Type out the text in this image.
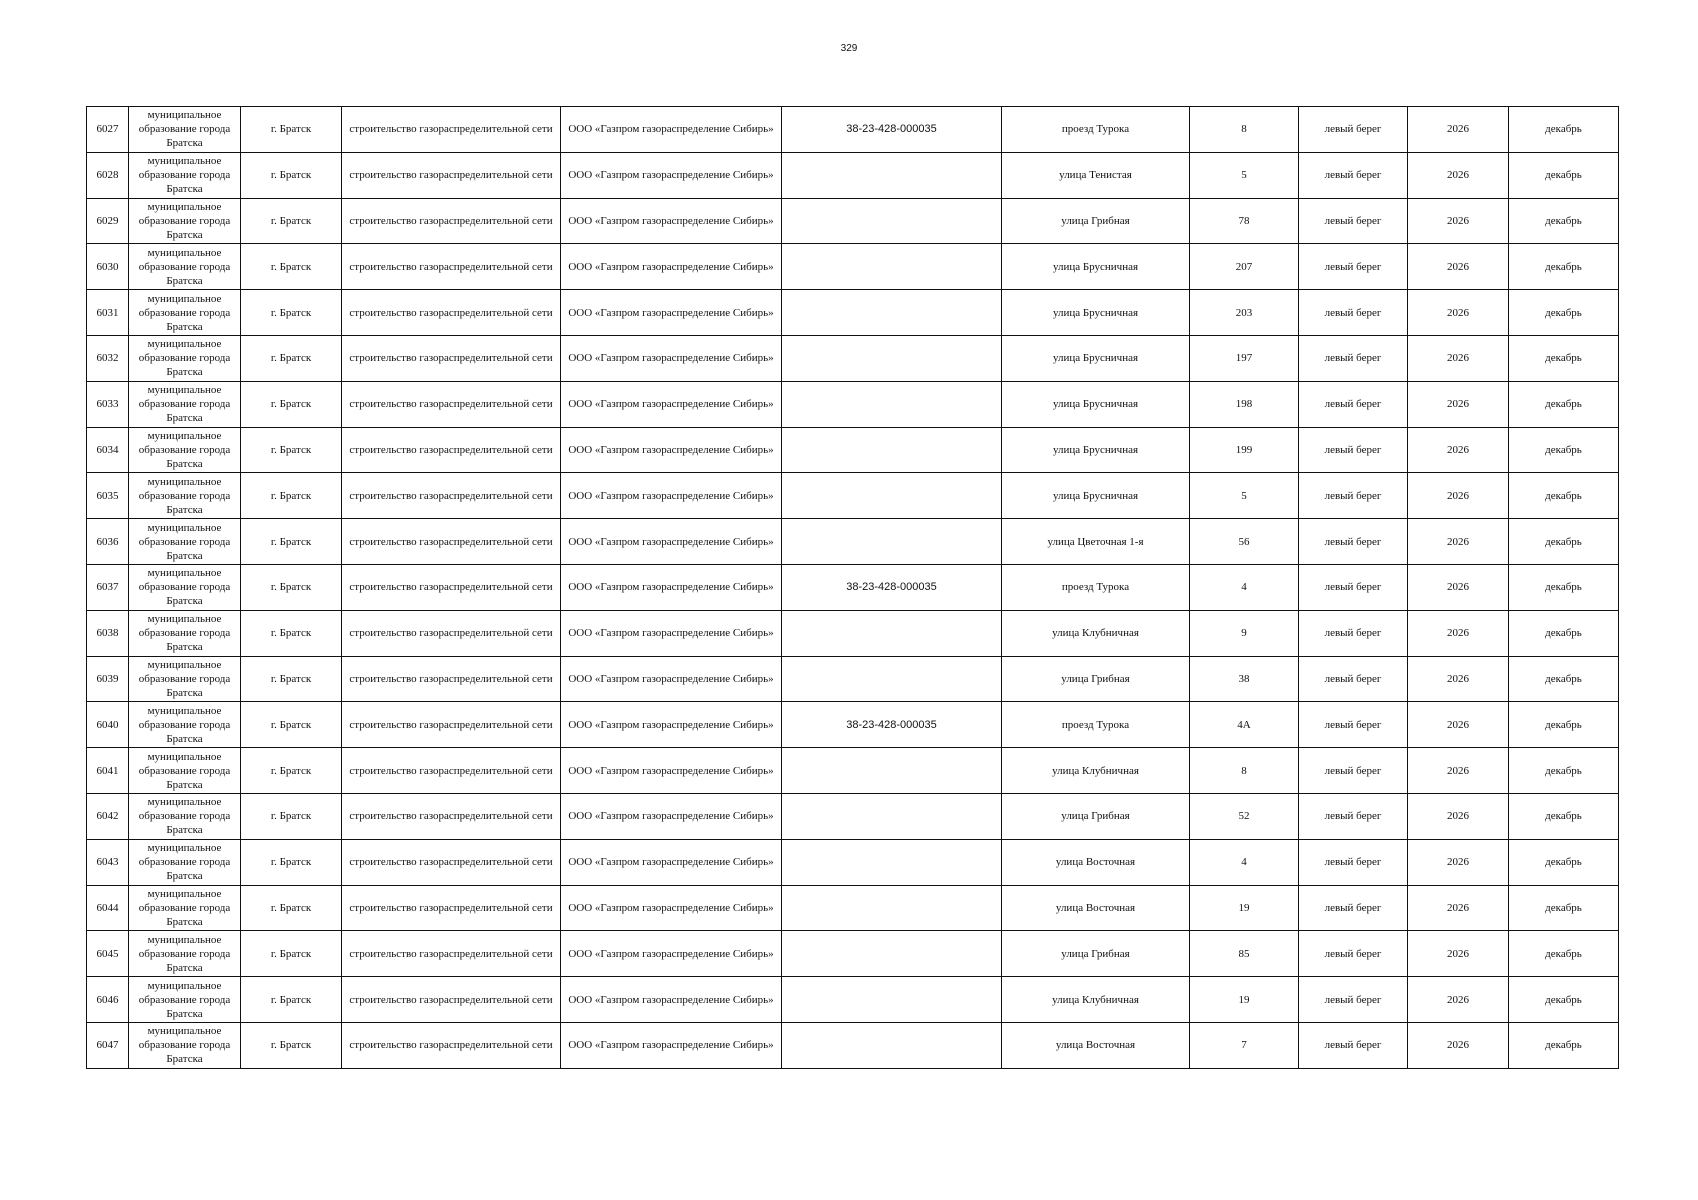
329
6027	муниципальное образование города Братска	г. Братск	строительство газораспределительной сети	ООО «Газпром газораспределение Сибирь»	38-23-428-000035	проезд Турока	8	левый берег	2026	декабрь
6028	муниципальное образование города Братска	г. Братск	строительство газораспределительной сети	ООО «Газпром газораспределение Сибирь»		улица Тенистая	5	левый берег	2026	декабрь
6029	муниципальное образование города Братска	г. Братск	строительство газораспределительной сети	ООО «Газпром газораспределение Сибирь»		улица Грибная	78	левый берег	2026	декабрь
6030	муниципальное образование города Братска	г. Братск	строительство газораспределительной сети	ООО «Газпром газораспределение Сибирь»		улица Брусничная	207	левый берег	2026	декабрь
6031	муниципальное образование города Братска	г. Братск	строительство газораспределительной сети	ООО «Газпром газораспределение Сибирь»		улица Брусничная	203	левый берег	2026	декабрь
6032	муниципальное образование города Братска	г. Братск	строительство газораспределительной сети	ООО «Газпром газораспределение Сибирь»		улица Брусничная	197	левый берег	2026	декабрь
6033	муниципальное образование города Братска	г. Братск	строительство газораспределительной сети	ООО «Газпром газораспределение Сибирь»		улица Брусничная	198	левый берег	2026	декабрь
6034	муниципальное образование города Братска	г. Братск	строительство газораспределительной сети	ООО «Газпром газораспределение Сибирь»		улица Брусничная	199	левый берег	2026	декабрь
6035	муниципальное образование города Братска	г. Братск	строительство газораспределительной сети	ООО «Газпром газораспределение Сибирь»		улица Брусничная	5	левый берег	2026	декабрь
6036	муниципальное образование города Братска	г. Братск	строительство газораспределительной сети	ООО «Газпром газораспределение Сибирь»		улица Цветочная 1-я	56	левый берег	2026	декабрь
6037	муниципальное образование города Братска	г. Братск	строительство газораспределительной сети	ООО «Газпром газораспределение Сибирь»	38-23-428-000035	проезд Турока	4	левый берег	2026	декабрь
6038	муниципальное образование города Братска	г. Братск	строительство газораспределительной сети	ООО «Газпром газораспределение Сибирь»		улица Клубничная	9	левый берег	2026	декабрь
6039	муниципальное образование города Братска	г. Братск	строительство газораспределительной сети	ООО «Газпром газораспределение Сибирь»		улица Грибная	38	левый берег	2026	декабрь
6040	муниципальное образование города Братска	г. Братск	строительство газораспределительной сети	ООО «Газпром газораспределение Сибирь»	38-23-428-000035	проезд Турока	4А	левый берег	2026	декабрь
6041	муниципальное образование города Братска	г. Братск	строительство газораспределительной сети	ООО «Газпром газораспределение Сибирь»		улица Клубничная	8	левый берег	2026	декабрь
6042	муниципальное образование города Братска	г. Братск	строительство газораспределительной сети	ООО «Газпром газораспределение Сибирь»		улица Грибная	52	левый берег	2026	декабрь
6043	муниципальное образование города Братска	г. Братск	строительство газораспределительной сети	ООО «Газпром газораспределение Сибирь»		улица Восточная	4	левый берег	2026	декабрь
6044	муниципальное образование города Братска	г. Братск	строительство газораспределительной сети	ООО «Газпром газораспределение Сибирь»		улица Восточная	19	левый берег	2026	декабрь
6045	муниципальное образование города Братска	г. Братск	строительство газораспределительной сети	ООО «Газпром газораспределение Сибирь»		улица Грибная	85	левый берег	2026	декабрь
6046	муниципальное образование города Братска	г. Братск	строительство газораспределительной сети	ООО «Газпром газораспределение Сибирь»		улица Клубничная	19	левый берег	2026	декабрь
6047	муниципальное образование города Братска	г. Братск	строительство газораспределительной сети	ООО «Газпром газораспределение Сибирь»		улица Восточная	7	левый берег	2026	декабрь
